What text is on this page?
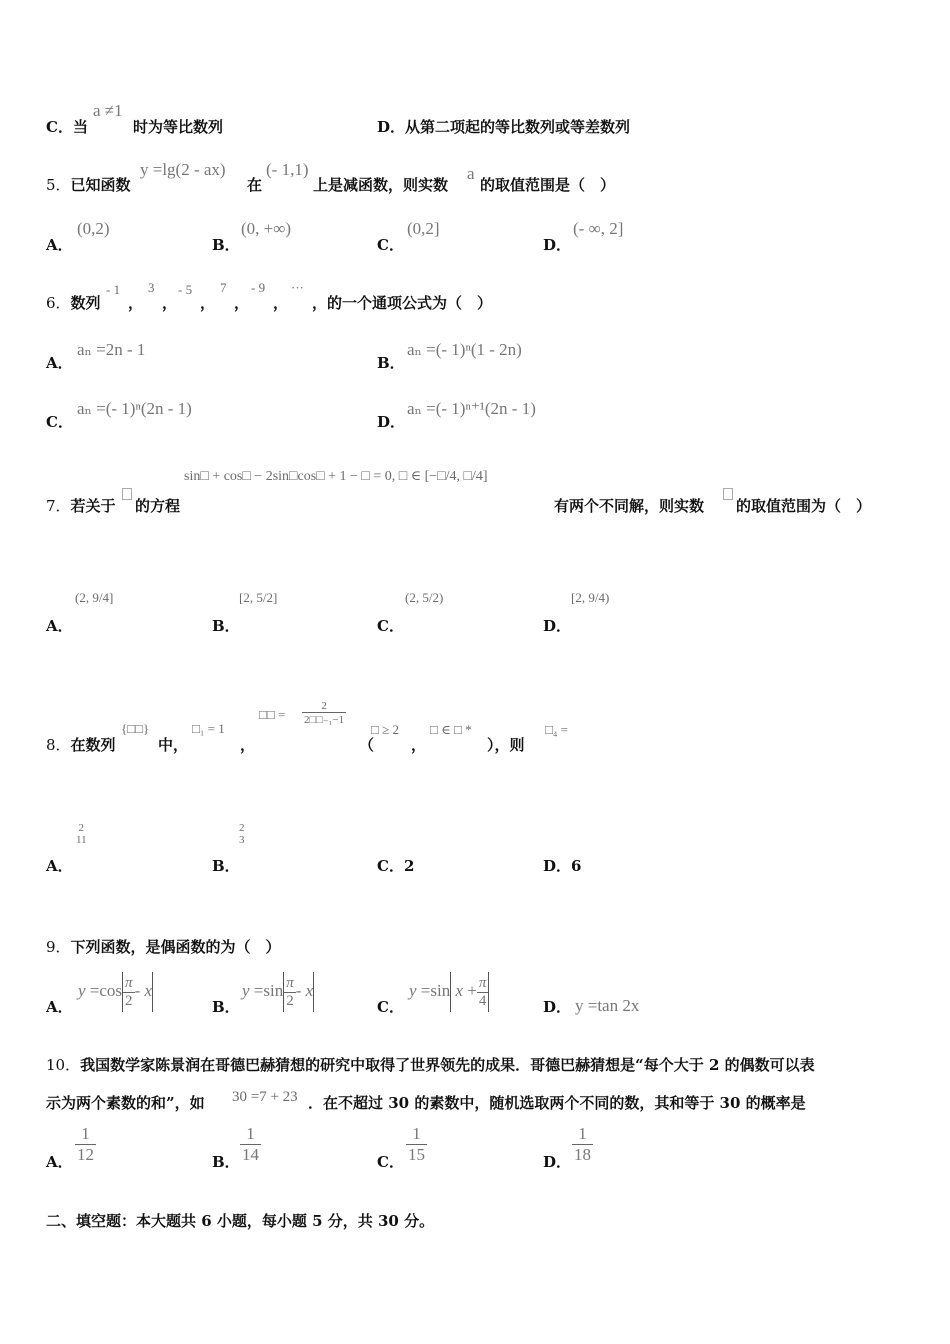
C．当
a ≠1
时为等比数列	D．从第二项起的等比数列或等差数列
5．已知函数
y =lg(2 - ax)
在
(- 1,1)
上是减函数，则实数
a
的取值范围是（　）
A．
(0,2)
B．
(0, +∞)
C．
(0,2]
D．
(- ∞, 2]
6．数列
- 1
，
3
，
- 5
，
7
，
- 9
，
···
，的一个通项公式为（　）
A．
aₙ =2n - 1
B．
aₙ =(- 1)ⁿ(1 - 2n)
C．
aₙ =(- 1)ⁿ(2n - 1)
D．
aₙ =(- 1)ⁿ⁺¹(2n - 1)
7．若关于 的方程
sin□ + cos□ − 2sin□cos□ + 1 − □ = 0, □ ∈ [−□/4, □/4]
有两个不同解，则实数 的取值范围为（　）
A．
(2, 9/4]
B．
[2, 5/2]
C．
(2, 5/2)
D．
[2, 9/4)
8．在数列
{□□}
中，
□₁ = 1
，
□□ = $\frac{2}{\text{2□□₋₁−1}}$
（
□ ≥ 2
，
□ ∈ □ *
），则
□₄ =
A．
2
11
B．
2
3
C．2	D．6
9．下列函数，是偶函数的为（　）
A．
$y =\cos \frac{\pi}{2} - x$
B．
$y =\sin \frac{\pi}{2} - x$
C．
y =sin $x + \frac{\pi}{4}$	D． y =tan 2x
10．我国数学家陈景润在哥德巴赫猜想的研究中取得了世界领先的成果．哥德巴赫猜想是“每个大于 2 的偶数可以表
示为两个素数的和”，如 30 =7 + 23 ．在不超过 30 的素数中，随机选取两个不同的数，其和等于 30 的概率是
A． $\frac{1}{12}$	B． $\frac{1}{14}$	C． $\frac{1}{15}$	D． $\frac{1}{18}$
二、填空题：本大题共 6 小题，每小题 5 分，共 30 分。
